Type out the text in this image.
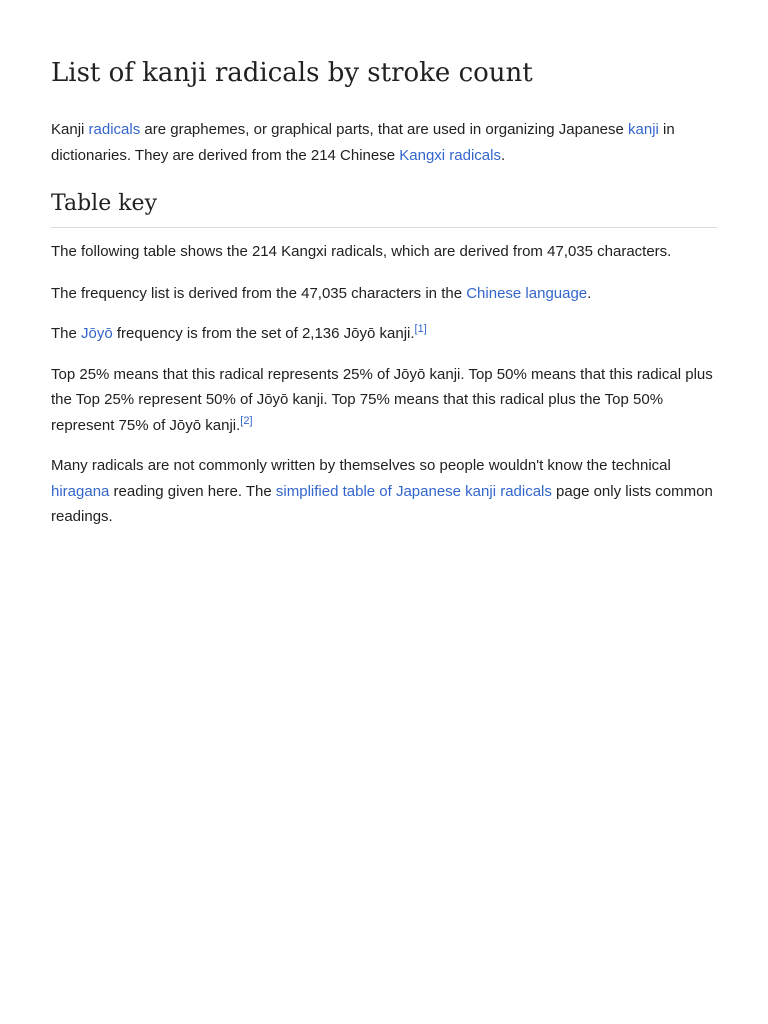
List of kanji radicals by stroke count

Kanji radicals are graphemes, or graphical parts, that are used in organizing Japanese kanji in dictionaries. They are derived from the 214 Chinese Kangxi radicals.

Table key

The following table shows the 214 Kangxi radicals, which are derived from 47,035 characters.

The frequency list is derived from the 47,035 characters in the Chinese language.

The Jōyō frequency is from the set of 2,136 Jōyō kanji.[1]

Top 25% means that this radical represents 25% of Jōyō kanji. Top 50% means that this radical plus the Top 25% represent 50% of Jōyō kanji. Top 75% means that this radical plus the Top 50% represent 75% of Jōyō kanji.[2]

Many radicals are not commonly written by themselves so people wouldn't know the technical hiragana reading given here. The simplified table of Japanese kanji radicals page only lists common readings.
